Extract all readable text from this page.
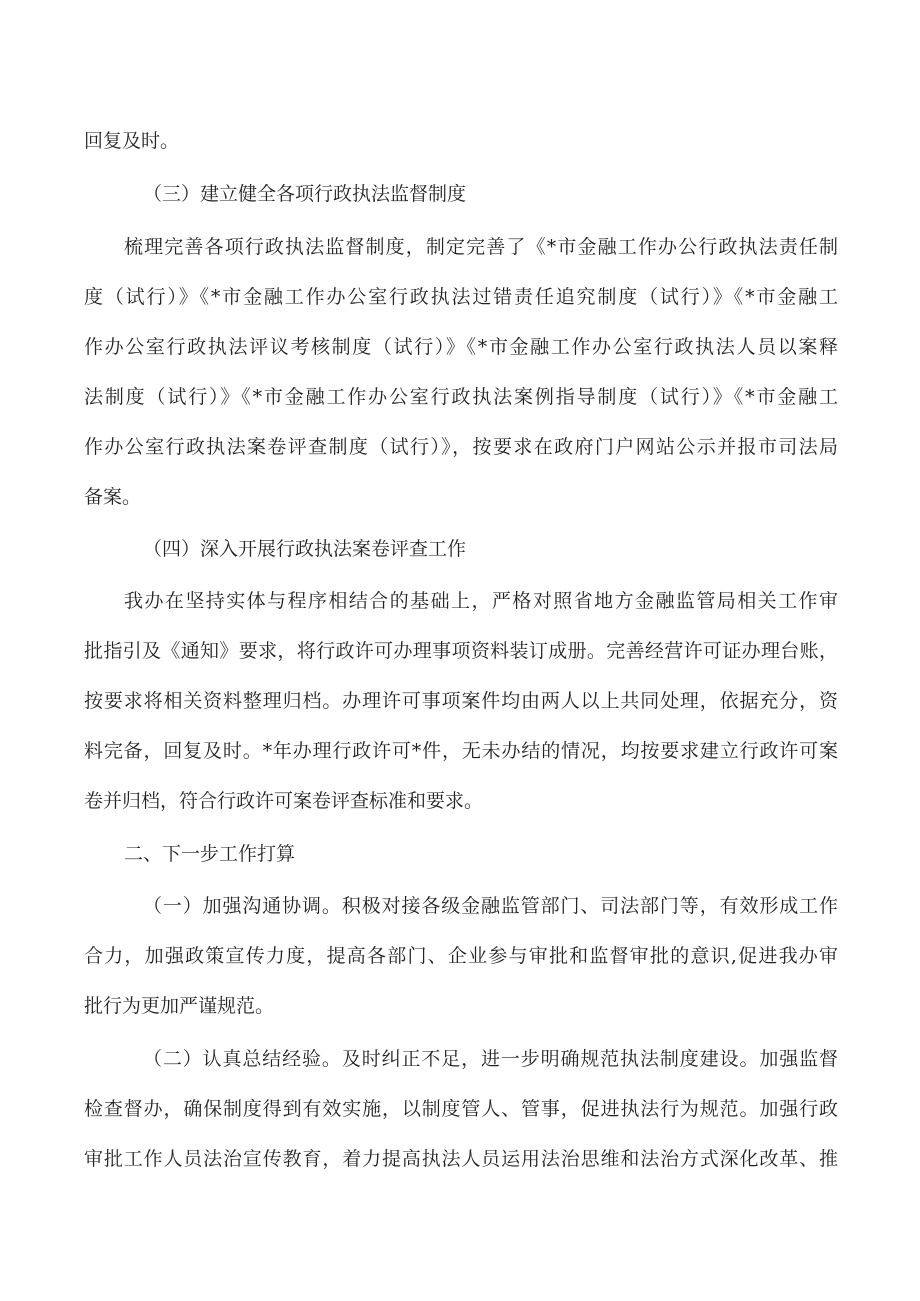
回复及时。
（三）建立健全各项行政执法监督制度
梳理完善各项行政执法监督制度，制定完善了《*市金融工作办公行政执法责任制
度（试行）》《*市金融工作办公室行政执法过错责任追究制度（试行）》《*市金融工
作办公室行政执法评议考核制度（试行）》《*市金融工作办公室行政执法人员以案释
法制度（试行）》《*市金融工作办公室行政执法案例指导制度（试行）》《*市金融工
作办公室行政执法案卷评查制度（试行）》，按要求在政府门户网站公示并报市司法局
备案。
（四）深入开展行政执法案卷评查工作
我办在坚持实体与程序相结合的基础上，严格对照省地方金融监管局相关工作审
批指引及《通知》要求，将行政许可办理事项资料装订成册。完善经营许可证办理台账，
按要求将相关资料整理归档。办理许可事项案件均由两人以上共同处理，依据充分，资
料完备，回复及时。*年办理行政许可*件，无未办结的情况，均按要求建立行政许可案
卷并归档，符合行政许可案卷评查标准和要求。
二、下一步工作打算
（一）加强沟通协调。积极对接各级金融监管部门、司法部门等，有效形成工作
合力，加强政策宣传力度，提高各部门、企业参与审批和监督审批的意识,促进我办审
批行为更加严谨规范。
（二）认真总结经验。及时纠正不足，进一步明确规范执法制度建设。加强监督
检查督办，确保制度得到有效实施，以制度管人、管事，促进执法行为规范。加强行政
审批工作人员法治宣传教育，着力提高执法人员运用法治思维和法治方式深化改革、推
